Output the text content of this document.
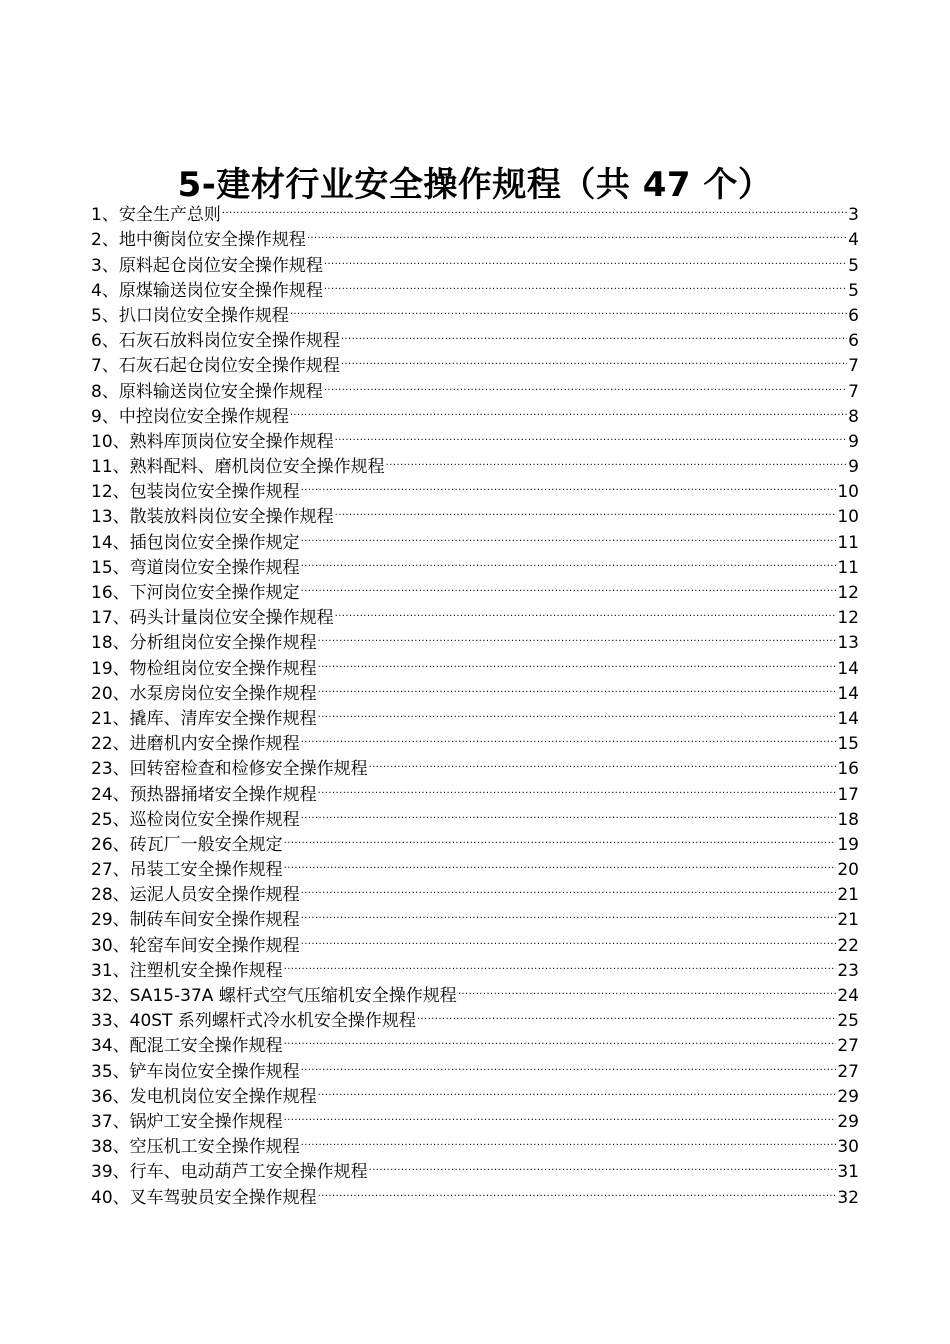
5-建材行业安全操作规程（共 47 个）
1、安全生产总则 .....	3
2、地中衡岗位安全操作规程 .....	4
3、原料起仓岗位安全操作规程 .....	5
4、原煤输送岗位安全操作规程 .....	5
5、扒口岗位安全操作规程 .....	6
6、石灰石放料岗位安全操作规程 .....	6
7、石灰石起仓岗位安全操作规程 .....	7
8、原料输送岗位安全操作规程 .....	7
9、中控岗位安全操作规程 .....	8
10、熟料库顶岗位安全操作规程 .....	9
11、熟料配料、磨机岗位安全操作规程 .....	9
12、包装岗位安全操作规程 .....	10
13、散装放料岗位安全操作规程 .....	10
14、插包岗位安全操作规定 .....	11
15、弯道岗位安全操作规程 .....	11
16、下河岗位安全操作规定 .....	12
17、码头计量岗位安全操作规程 .....	12
18、分析组岗位安全操作规程 .....	13
19、物检组岗位安全操作规程 .....	14
20、水泵房岗位安全操作规程 .....	14
21、撬库、清库安全操作规程 .....	14
22、进磨机内安全操作规程 .....	15
23、回转窑检查和检修安全操作规程 .....	16
24、预热器捅堵安全操作规程 .....	17
25、巡检岗位安全操作规程 .....	18
26、砖瓦厂一般安全规定 .....	19
27、吊装工安全操作规程 .....	20
28、运泥人员安全操作规程 .....	21
29、制砖车间安全操作规程 .....	21
30、轮窑车间安全操作规程 .....	22
31、注塑机安全操作规程 .....	23
32、SA15-37A 螺杆式空气压缩机安全操作规程 .....	24
33、40ST 系列螺杆式冷水机安全操作规程 .....	25
34、配混工安全操作规程 .....	27
35、铲车岗位安全操作规程 .....	27
36、发电机岗位安全操作规程 .....	29
37、锅炉工安全操作规程 .....	29
38、空压机工安全操作规程 .....	30
39、行车、电动葫芦工安全操作规程 .....	31
40、叉车驾驶员安全操作规程 .....	32
